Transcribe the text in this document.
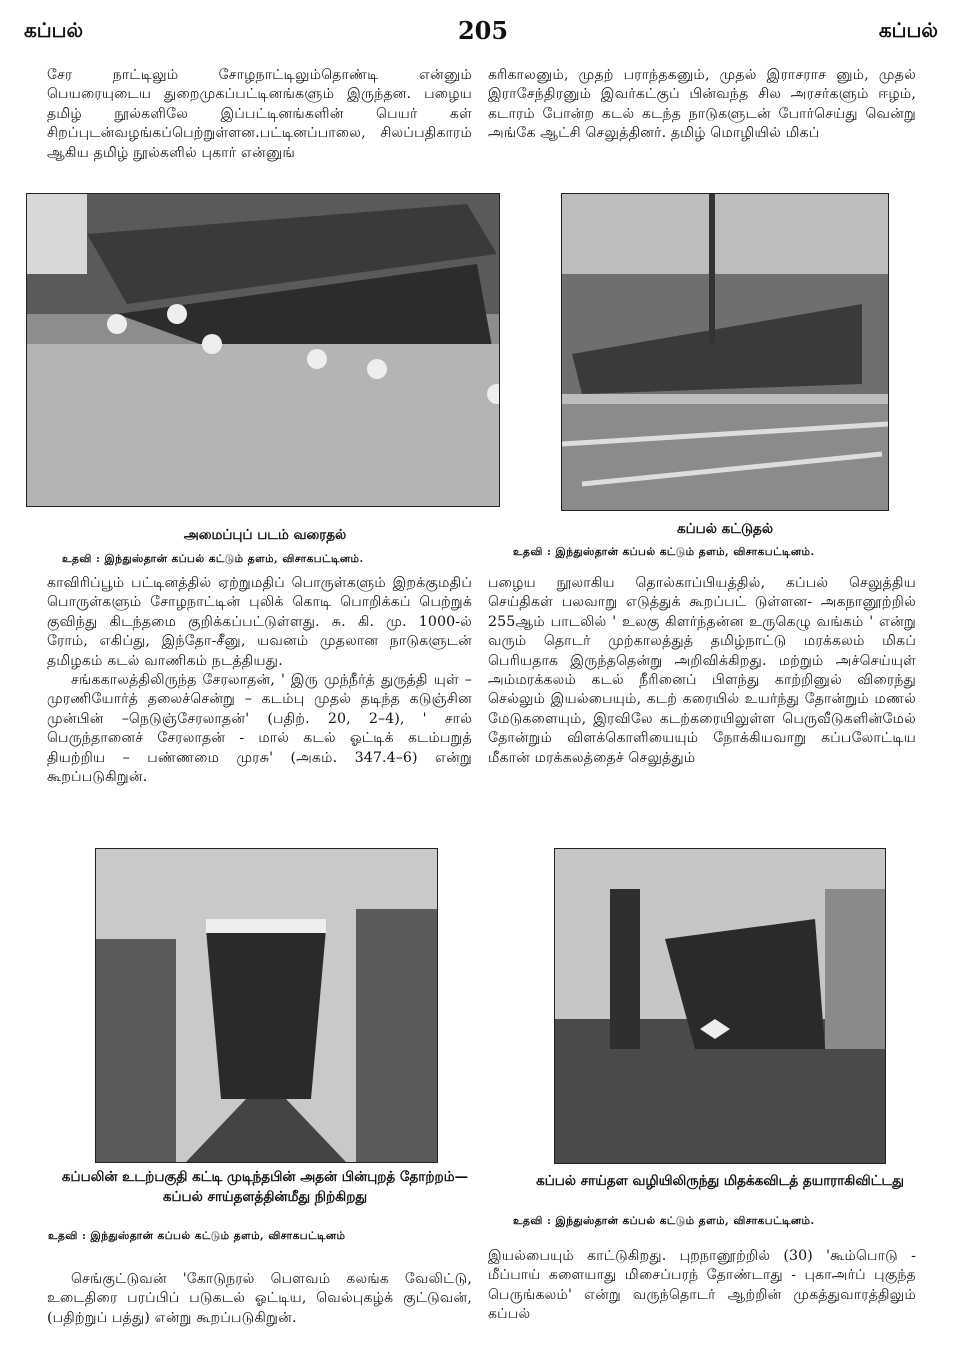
கப்பல்	205	கப்பல்

சேர நாட்டிலும் சோழநாட்டிலும்தொண்டி என்னும் பெயரையுடைய துறைமுகப்பட்டினங்களும் இருந்தன. பழைய தமிழ் நூல்களிலே இப்பட்டினங்களின் பெயர் கள் சிறப்புடன்வழங்கப்பெற்றுள்ளன.பட்டினப்பாலை, சிலப்பதிகாரம் ஆகிய தமிழ் நூல்களில் புகார் என்னுங்

கரிகாலனும், முதற் பராந்தகனும், முதல் இராசராச னும், முதல் இராசேந்திரனும் இவர்கட்குப் பின்வந்த சில அரசர்களும் ஈழம், கடாரம் போன்ற கடல் கடந்த நாடுகளுடன் போர்செய்து வென்று அங்கே ஆட்சி செலுத்தினர். தமிழ் மொழியில் மிகப்

அமைப்புப் படம் வரைதல்
உதவி : இந்துஸ்தான் கப்பல் கட்டும் தளம், விசாகபட்டினம்.
கப்பல் கட்டுதல்
உதவி : இந்துஸ்தான் கப்பல் கட்டும் தளம், விசாகபட்டினம்.

காவிரிப்பூம் பட்டினத்தில் ஏற்றுமதிப் பொருள்களும் இறக்குமதிப் பொருள்களும் சோழநாட்டின் புலிக் கொடி பொறிக்கப் பெற்றுக் குவிந்து கிடந்தமை குறிக்கப்பட்டுள்ளது. சு. கி. மு. 1000-ல் ரோம், எகிப்து, இந்தோ-சீனு, யவனம் முதலான நாடுகளுடன் தமிழகம் கடல் வாணிகம் நடத்தியது.

சங்ககாலத்திலிருந்த சேரலாதன், ' இரு முந்நீர்த் துருத்தி யுள் – முரணியோர்த் தலைச்சென்று – கடம்பு முதல் தடிந்த கடுஞ்சின முன்பின் –நெடுஞ்சேரலாதன்' (பதிற். 20, 2–4), ' சால் பெருந்தானைச் சேரலாதன் - மால் கடல் ஓட்டிக் கடம்பறுத் தியற்றிய – பண்ணமை முரசு' (அகம். 347.4–6) என்று கூறப்படுகிறுன்.

பழைய நூலாகிய தொல்காப்பியத்தில், கப்பல் செலுத்திய செய்திகள் பலவாறு எடுத்துக் கூறப்பட் டுள்ளன- அகநானூற்றில் 255ஆம் பாடலில் ' உலகு கிளர்ந்தன்ன உருகெழு வங்கம் ' என்று வரும் தொடர் முற்காலத்துத் தமிழ்நாட்டு மரக்கலம் மிகப் பெரியதாக இருந்ததென்று அறிவிக்கிறது. மற்றும் அச்செய்யுள் அம்மரக்கலம் கடல் நீரினைப் பிளந்து காற்றினுல் விரைந்து செல்லும் இயல்பையும், கடற் கரையில் உயர்ந்து தோன்றும் மணல் மேடுகளையும், இரவிலே கடற்கரையிலுள்ள பெருவீடுகளின்மேல் தோன்றும் விளக்கொளியையும் நோக்கியவாறு கப்பலோட்டிய மீகான் மரக்கலத்தைச் செலுத்தும்

கப்பலின் உடற்பகுதி கட்டி முடிந்தபின் அதன் பின்புறத் தோற்றம்—கப்பல் சாய்தளத்தின்மீது நிற்கிறது
உதவி : இந்துஸ்தான் கப்பல் கட்டும் தளம், விசாகபட்டினம்
கப்பல் சாய்தள வழியிலிருந்து மிதக்கவிடத் தயாராகிவிட்டது
உதவி : இந்துஸ்தான் கப்பல் கட்டும் தளம், விசாகபட்டினம்.

செங்குட்டுவன் 'கோடுநரல் பெளவம் கலங்க வேலிட்டு, உடைதிரை பரப்பிப் படுகடல் ஓட்டிய, வெல்புகழ்க் குட்டுவன், (பதிற்றுப் பத்து) என்று கூறப்படுகிறுன்.

இயல்பையும் காட்டுகிறது. புறநானூற்றில் (30) 'கூம்பொடு - மீப்பாய் களையாது மிசைப்பரந் தோண்டாது - புகாஅர்ப் புகுந்த பெருங்கலம்' என்று வருந்தொடர் ஆற்றின் முகத்துவாரத்திலும் கப்பல்
